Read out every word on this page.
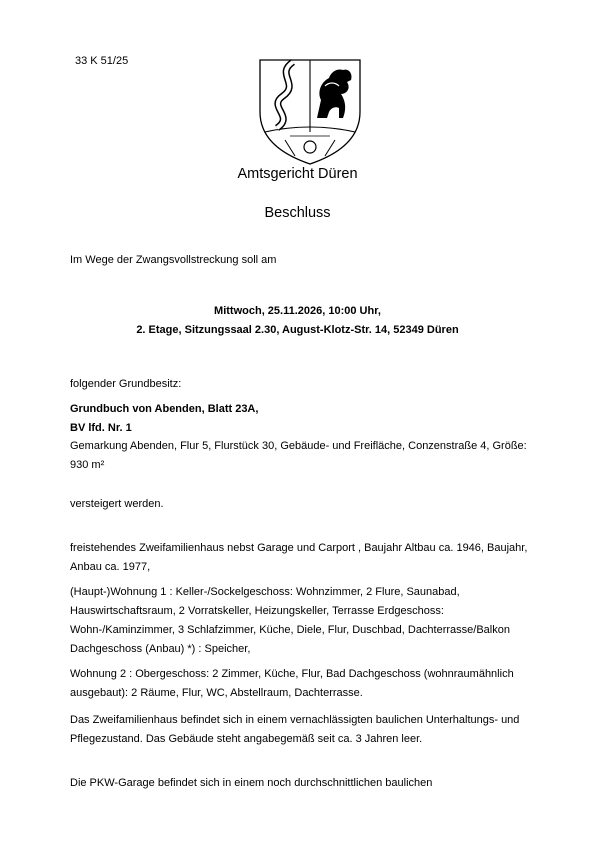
33 K 51/25
Amtsgericht Düren
Beschluss
Im Wege der Zwangsvollstreckung soll am
Mittwoch, 25.11.2026, 10:00 Uhr,
2. Etage, Sitzungssaal 2.30, August-Klotz-Str. 14, 52349 Düren
folgender Grundbesitz:
Grundbuch von Abenden, Blatt 23A,
BV lfd. Nr. 1
Gemarkung Abenden, Flur 5, Flurstück 30, Gebäude- und Freifläche, Conzenstraße 4, Größe: 930 m²
versteigert werden.
freistehendes Zweifamilienhaus nebst Garage und Carport , Baujahr Altbau ca. 1946, Baujahr, Anbau ca. 1977,
(Haupt-)Wohnung 1 : Keller-/Sockelgeschoss: Wohnzimmer, 2 Flure, Saunabad, Hauswirtschaftsraum, 2 Vorratskeller, Heizungskeller, Terrasse Erdgeschoss: Wohn-/Kaminzimmer, 3 Schlafzimmer, Küche, Diele, Flur, Duschbad, Dachterrasse/Balkon Dachgeschoss (Anbau) *) : Speicher,
Wohnung 2 : Obergeschoss: 2 Zimmer, Küche, Flur, Bad Dachgeschoss (wohnraumähnlich ausgebaut): 2 Räume, Flur, WC, Abstellraum, Dachterrasse.
Das Zweifamilienhaus befindet sich in einem vernachlässigten baulichen Unterhaltungs- und Pflegezustand. Das Gebäude steht angabegemäß seit ca. 3 Jahren leer.
Die PKW-Garage befindet sich in einem noch durchschnittlichen baulichen
